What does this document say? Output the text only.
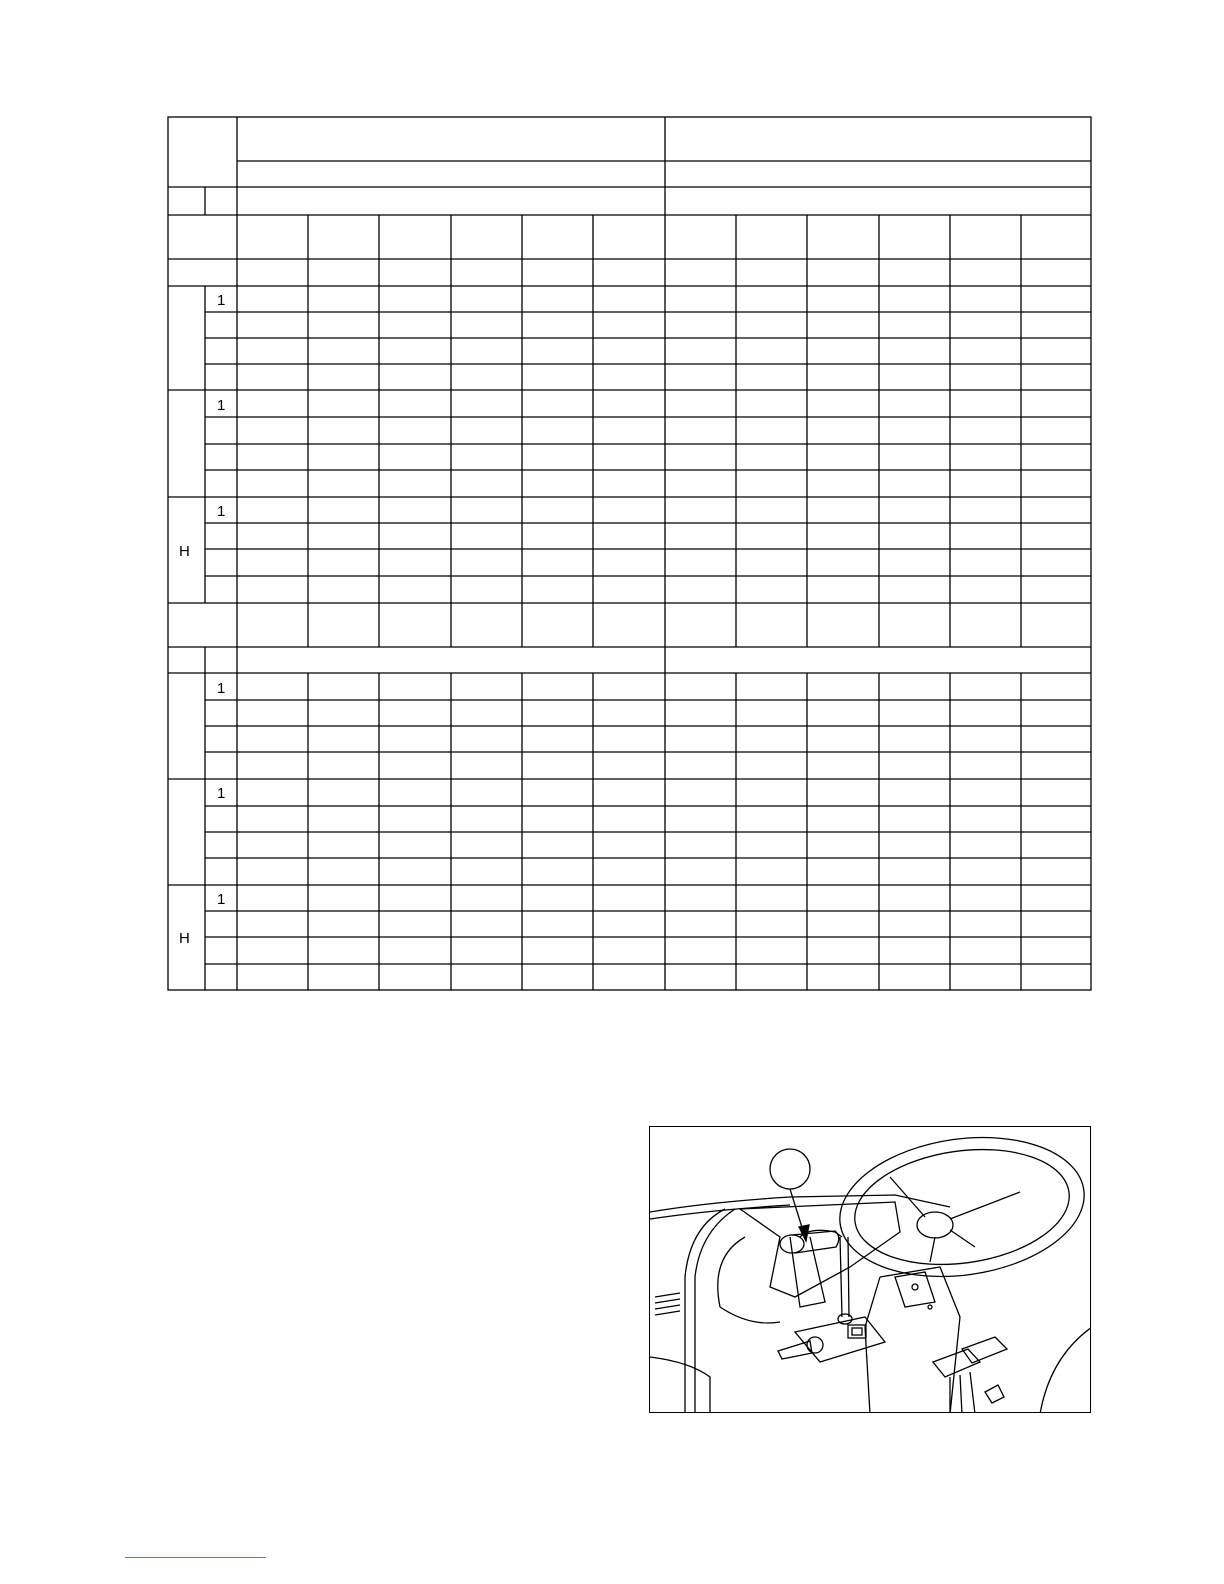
1
1
1
H
1
1
1
H
